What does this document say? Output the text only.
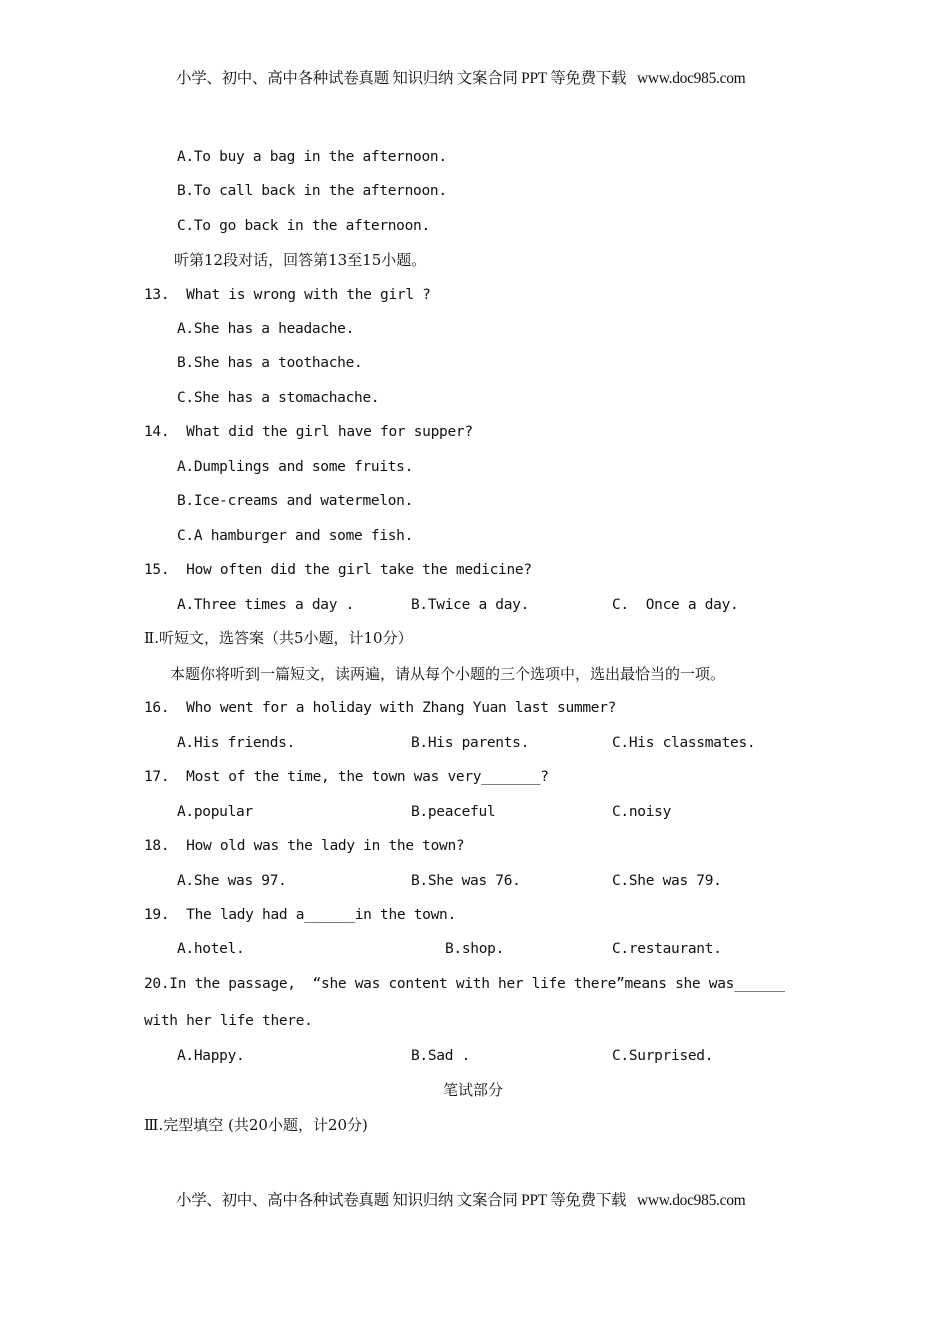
小学、初中、高中各种试卷真题 知识归纳 文案合同 PPT 等免费下载   www.doc985.com
A.To buy a bag in the afternoon.
B.To call back in the afternoon.
C.To go back in the afternoon.
听第12段对话，回答第13至15小题。
13.  What is wrong with the girl ?
A.She has a headache.
B.She has a toothache.
C.She has a stomachache.
14.  What did the girl have for supper?
A.Dumplings and some fruits.
B.Ice-creams and watermelon.
C.A hamburger and some fish.
15.  How often did the girl take the medicine?
A.Three times a day .	B.Twice a day.	C.  Once a day.
Ⅱ.听短文，选答案（共5小题，计10分）
本题你将听到一篇短文，读两遍，请从每个小题的三个选项中，选出最恰当的一项。
16.  Who went for a holiday with Zhang Yuan last summer?
A.His friends.	B.His parents.	C.His classmates.
17.  Most of the time, the town was very_______?
A.popular	B.peaceful	C.noisy
18.  How old was the lady in the town?
A.She was 97.	B.She was 76.	C.She was 79.
19.  The lady had a______in the town.
A.hotel.	B.shop.	C.restaurant.
20.In the passage,  “she was content with her life there”means she was______
with her life there.
A.Happy.	B.Sad .	C.Surprised.
笔试部分
Ⅲ.完型填空 (共20小题，计20分)
小学、初中、高中各种试卷真题 知识归纳 文案合同 PPT 等免费下载   www.doc985.com
